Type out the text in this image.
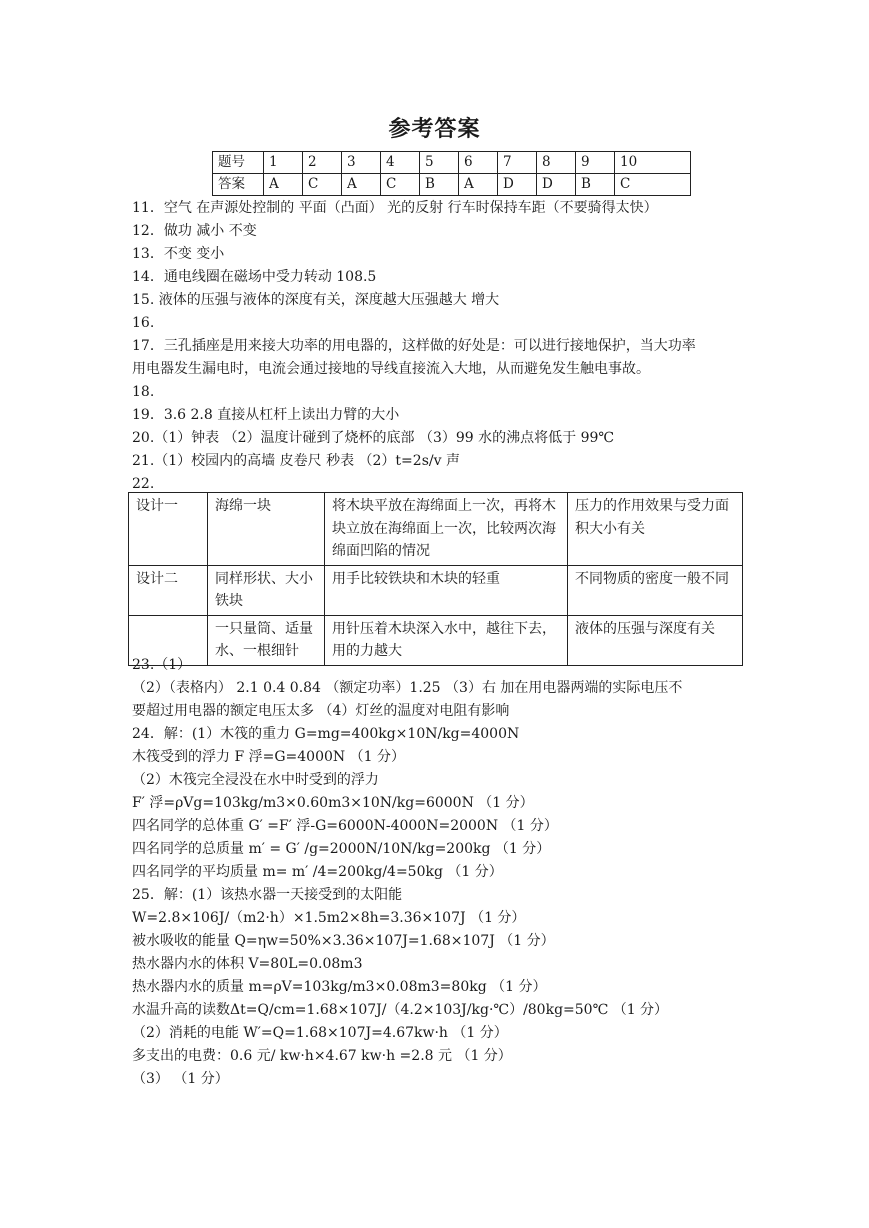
参考答案
题号	1	2	3	4	5	6	7	8	9	10
答案	A	C	A	C	B	A	D	D	B	C
11．空气 在声源处控制的 平面（凸面） 光的反射 行车时保持车距（不要骑得太快）
12．做功 减小 不变
13．不变 变小
14．通电线圈在磁场中受力转动 108.5
15. 液体的压强与液体的深度有关，深度越大压强越大 增大
16.
17．三孔插座是用来接大功率的用电器的，这样做的好处是：可以进行接地保护，当大功率
用电器发生漏电时，电流会通过接地的导线直接流入大地，从而避免发生触电事故。
18.
19．3.6 2.8 直接从杠杆上读出力臂的大小
20.（1）钟表 （2）温度计碰到了烧杯的底部 （3）99 水的沸点将低于 99℃
21.（1）校园内的高墙 皮卷尺 秒表 （2）t=2s/v 声
22.
设计一	海绵一块	将木块平放在海绵面上一次，再将木块立放在海绵面上一次，比较两次海绵面凹陷的情况	压力的作用效果与受力面积大小有关
设计二	同样形状、大小铁块	用手比较铁块和木块的轻重	不同物质的密度一般不同
	一只量筒、适量水、一根细针	用针压着木块深入水中，越往下去，用的力越大	液体的压强与深度有关
23.（1）
（2）（表格内） 2.1 0.4 0.84 （额定功率）1.25 （3）右 加在用电器两端的实际电压不
要超过用电器的额定电压太多 （4）灯丝的温度对电阻有影响
24．解：(1）木筏的重力 G=mg=400kg×10N/kg=4000N
木筏受到的浮力 F 浮=G=4000N （1 分）
（2）木筏完全浸没在水中时受到的浮力
F′ 浮=ρVg=103kg/m3×0.60m3×10N/kg=6000N （1 分）
四名同学的总体重 G′ =F′ 浮-G=6000N-4000N=2000N （1 分）
四名同学的总质量 m′ = G′ /g=2000N/10N/kg=200kg （1 分）
四名同学的平均质量 m= m′ /4=200kg/4=50kg （1 分）
25．解：(1）该热水器一天接受到的太阳能
W=2.8×106J/（m2·h）×1.5m2×8h=3.36×107J （1 分）
被水吸收的能量 Q=ηw=50%×3.36×107J=1.68×107J （1 分）
热水器内水的体积 V=80L=0.08m3
热水器内水的质量 m=ρV=103kg/m3×0.08m3=80kg （1 分）
水温升高的读数Δt=Q/cm=1.68×107J/（4.2×103J/kg·℃）/80kg=50℃ （1 分）
（2）消耗的电能 W′=Q=1.68×107J=4.67kw·h （1 分）
多支出的电费：0.6 元/ kw·h×4.67 kw·h =2.8 元 （1 分）
（3） （1 分）
